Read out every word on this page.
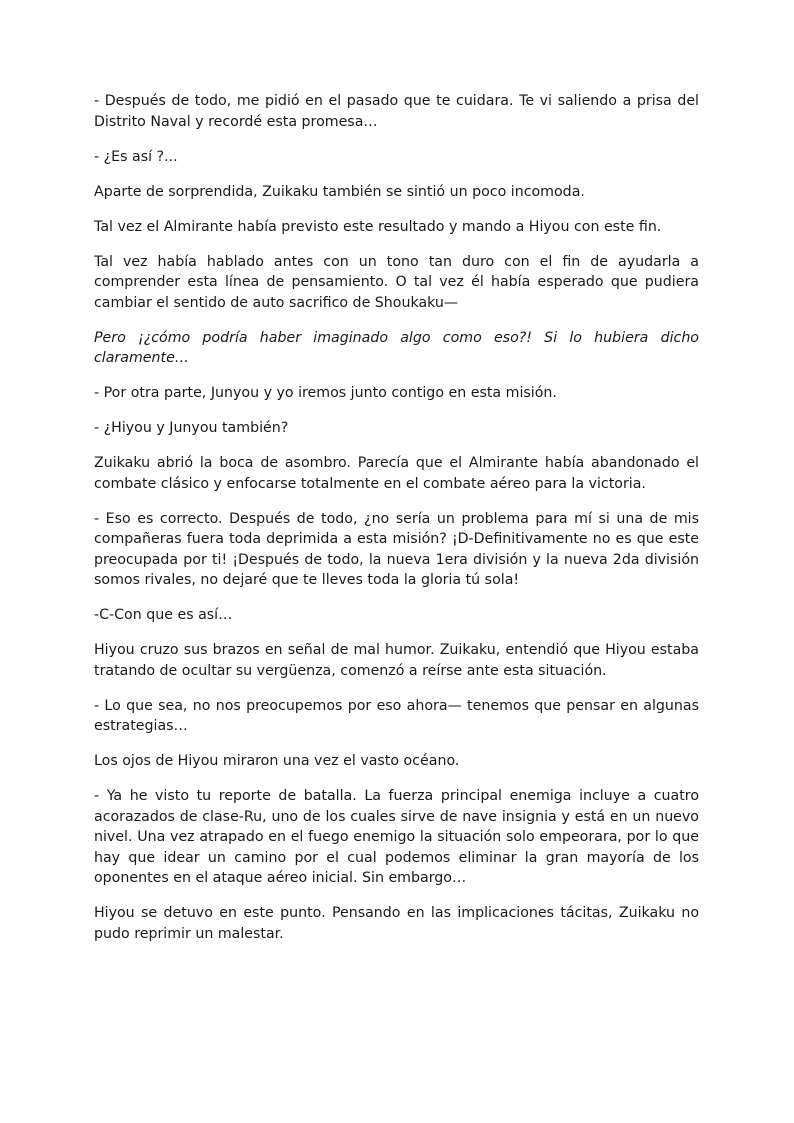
- Después de todo, me pidió en el pasado que te cuidara. Te vi saliendo a prisa del Distrito Naval y recordé esta promesa…

- ¿Es así ?...

Aparte de sorprendida, Zuikaku también se sintió un poco incomoda.

Tal vez el Almirante había previsto este resultado y mando a Hiyou con este fin.

Tal vez había hablado antes con un tono tan duro con el fin de ayudarla a comprender esta línea de pensamiento. O tal vez él había esperado que pudiera cambiar el sentido de auto sacrifico de Shoukaku—

Pero ¡¿cómo podría haber imaginado algo como eso?! Si lo hubiera dicho claramente…

- Por otra parte, Junyou y yo iremos junto contigo en esta misión.

- ¿Hiyou y Junyou también?

Zuikaku abrió la boca de asombro. Parecía que el Almirante había abandonado el combate clásico y enfocarse totalmente en el combate aéreo para la victoria.

- Eso es correcto. Después de todo, ¿no sería un problema para mí si una de mis compañeras fuera toda deprimida a esta misión? ¡D-Definitivamente no es que este preocupada por ti! ¡Después de todo, la nueva 1era división y la nueva 2da división somos rivales, no dejaré que te lleves toda la gloria tú sola!

-C-Con que es así…

Hiyou cruzo sus brazos en señal de mal humor. Zuikaku, entendió que Hiyou estaba tratando de ocultar su vergüenza, comenzó a reírse ante esta situación.

- Lo que sea, no nos preocupemos por eso ahora— tenemos que pensar en algunas estrategias…

Los ojos de Hiyou miraron una vez el vasto océano.

- Ya he visto tu reporte de batalla. La fuerza principal enemiga incluye a cuatro acorazados de clase-Ru, uno de los cuales sirve de nave insignia y está en un nuevo nivel. Una vez atrapado en el fuego enemigo la situación solo empeorara, por lo que hay que idear un camino por el cual podemos eliminar la gran mayoría de los oponentes en el ataque aéreo inicial. Sin embargo…

Hiyou se detuvo en este punto. Pensando en las implicaciones tácitas, Zuikaku no pudo reprimir un malestar.
